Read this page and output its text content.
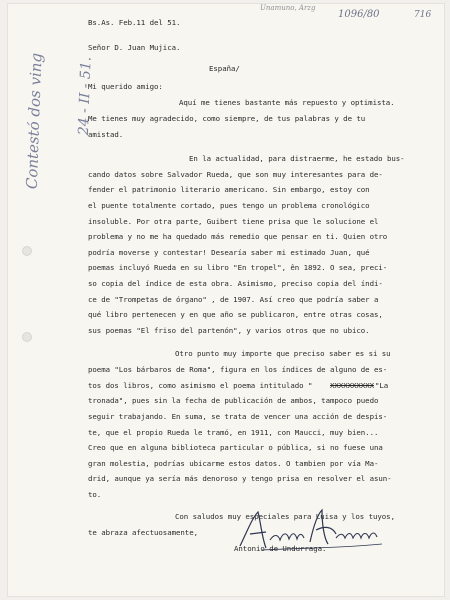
Unamuno, Arzg
1096/80	716
Contestó dos ving 24 - II - 51.
Bs.As. Feb.11 del 51.
Señor D. Juan Mujica.
España/
Mi querido amigo:
Aquí me tienes bastante más repuesto y optimista.
Me tienes muy agradecido, como siempre, de tus palabras y de tu
amistad.
En la actualidad, para distraerme, he estado bus-
cando datos sobre Salvador Rueda, que son muy interesantes para de-
fender el patrimonio literario americano. Sin embargo, estoy con
el puente totalmente cortado, pues tengo un problema cronológico
insoluble. Por otra parte, Guibert tiene prisa que le solucione el
problema y no me ha quedado más remedio que pensar en ti. Quien otro
podría moverse y contestar! Desearía saber mi estimado Juan, qué
poemas incluyó Rueda en su libro "En tropel", ên 1892. O sea, preci-
so copia del índice de esta obra. Asimismo, preciso copia del índi-
ce de "Trompetas de órgano" , de 1907. Así creo que podría saber a
qué libro pertenecen y en que año se publicaron, entre otras cosas,
sus poemas "El friso del partenón", y varios otros que no ubico.
Otro punto muy importe que preciso saber es si su
poema "Los bárbaros de Roma", figura en los índices de alguno de es-
tos dos libros, como asimismo el poema intitulado " XXXXXXXXXX "La
tronada", pues sin la fecha de publicación de ambos, tampoco puedo
seguir trabajando. En suma, se trata de vencer una acción de despis-
te, que el propio Rueda le tramó, en 1911, con Maucci, muy bien...
Creo que en alguna biblioteca particular o pública, si no fuese una
gran molestia, podrías ubicarme estos datos. O tambien por vía Ma-
drid, aunque ya sería más denoroso y tengo prisa en resolver el asun-
to.
Con saludos muy especiales para Luisa y los tuyos,
te abraza afectuosamente,
Antonio de Undurraga.
